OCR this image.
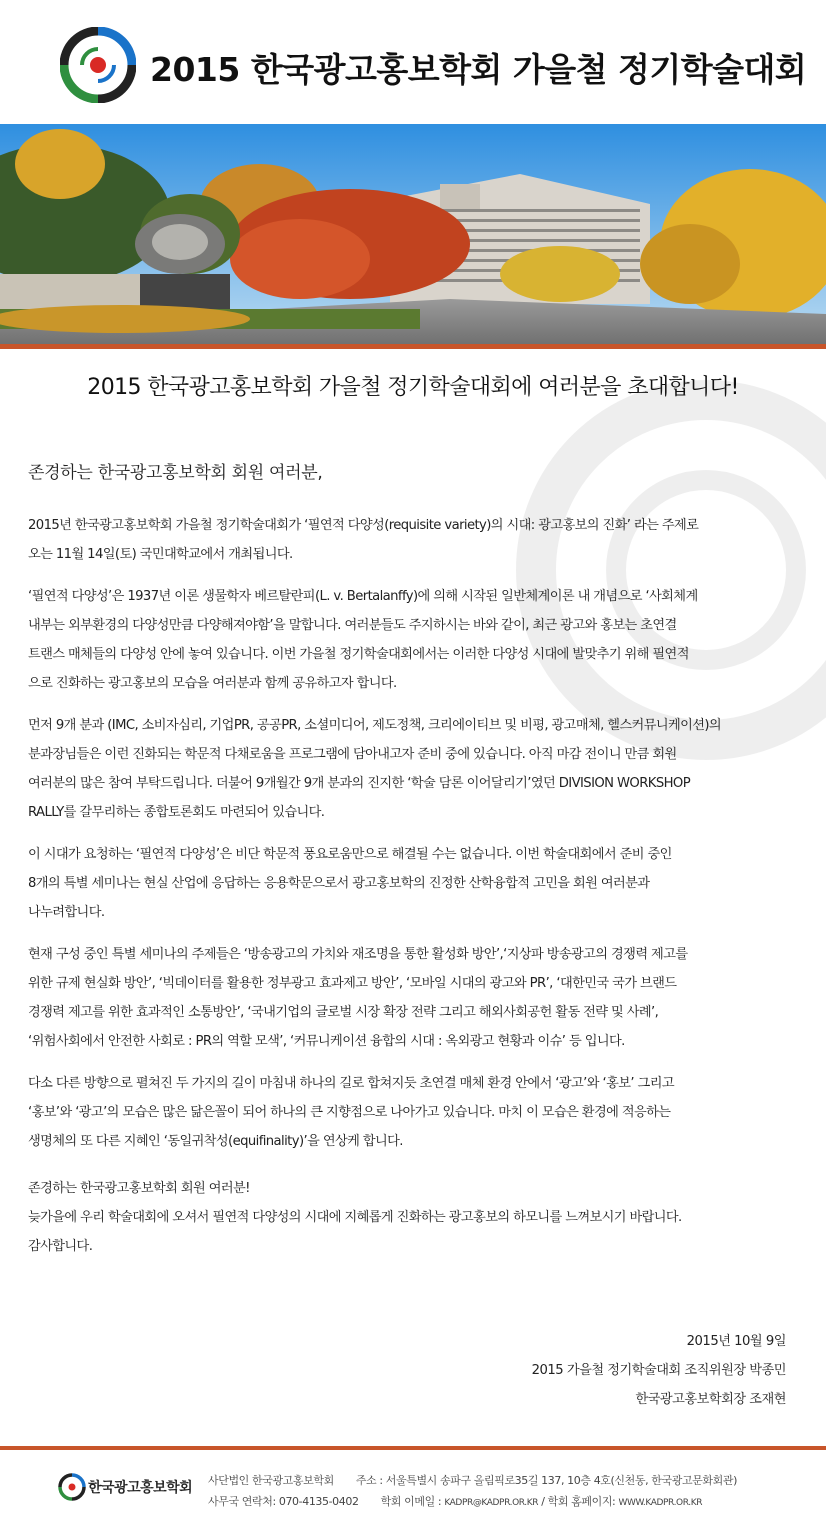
2015 한국광고홍보학회 가을철 정기학술대회
2015 한국광고홍보학회 가을철 정기학술대회에 여러분을 초대합니다!
존경하는 한국광고홍보학회 회원 여러분,
2015년 한국광고홍보학회 가을철 정기학술대회가 ‘필연적 다양성(requisite variety)의 시대: 광고홍보의 진화’ 라는 주제로
오는 11월 14일(토) 국민대학교에서 개최됩니다.
‘필연적 다양성’은 1937년 이론 생물학자 베르탈란피(L. v. Bertalanffy)에 의해 시작된 일반체계이론 내 개념으로 ‘사회체계
내부는 외부환경의 다양성만큼 다양해져야함’을 말합니다. 여러분들도 주지하시는 바와 같이, 최근 광고와 홍보는 초연결
트랜스 매체들의 다양성 안에 놓여 있습니다. 이번 가을철 정기학술대회에서는 이러한 다양성 시대에 발맞추기 위해 필연적
으로 진화하는 광고홍보의 모습을 여러분과 함께 공유하고자 합니다.
먼저 9개 분과 (IMC, 소비자심리, 기업PR, 공공PR, 소셜미디어, 제도정책, 크리에이티브 및 비평, 광고매체, 헬스커뮤니케이션)의
분과장님들은 이런 진화되는 학문적 다채로움을 프로그램에 담아내고자 준비 중에 있습니다. 아직 마감 전이니 만큼 회원
여러분의 많은 참여 부탁드립니다. 더불어 9개월간 9개 분과의 진지한 ‘학술 담론 이어달리기’였던 DIVISION WORKSHOP
RALLY를 갈무리하는 종합토론회도 마련되어 있습니다.
이 시대가 요청하는 ‘필연적 다양성’은 비단 학문적 풍요로움만으로 해결될 수는 없습니다. 이번 학술대회에서 준비 중인
8개의 특별 세미나는 현실 산업에 응답하는 응용학문으로서 광고홍보학의 진정한 산학융합적 고민을 회원 여러분과
나누려합니다.
현재 구성 중인 특별 세미나의 주제들은 ‘방송광고의 가치와 재조명을 통한 활성화 방안’,‘지상파 방송광고의 경쟁력 제고를
위한 규제 현실화 방안’, ‘빅데이터를 활용한 정부광고 효과제고 방안’, ‘모바일 시대의 광고와 PR’, ‘대한민국 국가 브랜드
경쟁력 제고를 위한 효과적인 소통방안’, ‘국내기업의 글로벌 시장 확장 전략 그리고 해외사회공헌 활동 전략 및 사례’,
‘위험사회에서 안전한 사회로 : PR의 역할 모색’, ‘커뮤니케이션 융합의 시대 : 옥외광고 현황과 이슈’ 등 입니다.
다소 다른 방향으로 펼쳐진 두 가지의 길이 마침내 하나의 길로 합쳐지듯 초연결 매체 환경 안에서 ‘광고’와 ‘홍보’ 그리고
‘홍보’와 ‘광고’의 모습은 많은 닮은꼴이 되어 하나의 큰 지향점으로 나아가고 있습니다. 마치 이 모습은 환경에 적응하는
생명체의 또 다른 지혜인 ‘동일귀착성(equifinality)’을 연상케 합니다.
존경하는 한국광고홍보학회 회원 여러분!
늦가을에 우리 학술대회에 오셔서 필연적 다양성의 시대에 지혜롭게 진화하는 광고홍보의 하모니를 느껴보시기 바랍니다.
감사합니다.
2015년 10월 9일
2015 가을철 정기학술대회 조직위원장 박종민
한국광고홍보학회장 조재현
한국광고홍보학회 사단법인 한국광고홍보학회 주소 : 서울특별시 송파구 올림픽로35길 137, 10층 4호(신천동, 한국광고문화회관)
사무국 연락처: 070-4135-0402 학회 이메일 : KADPR@KADPR.OR.KR / 학회 홈페이지: WWW.KADPR.OR.KR
